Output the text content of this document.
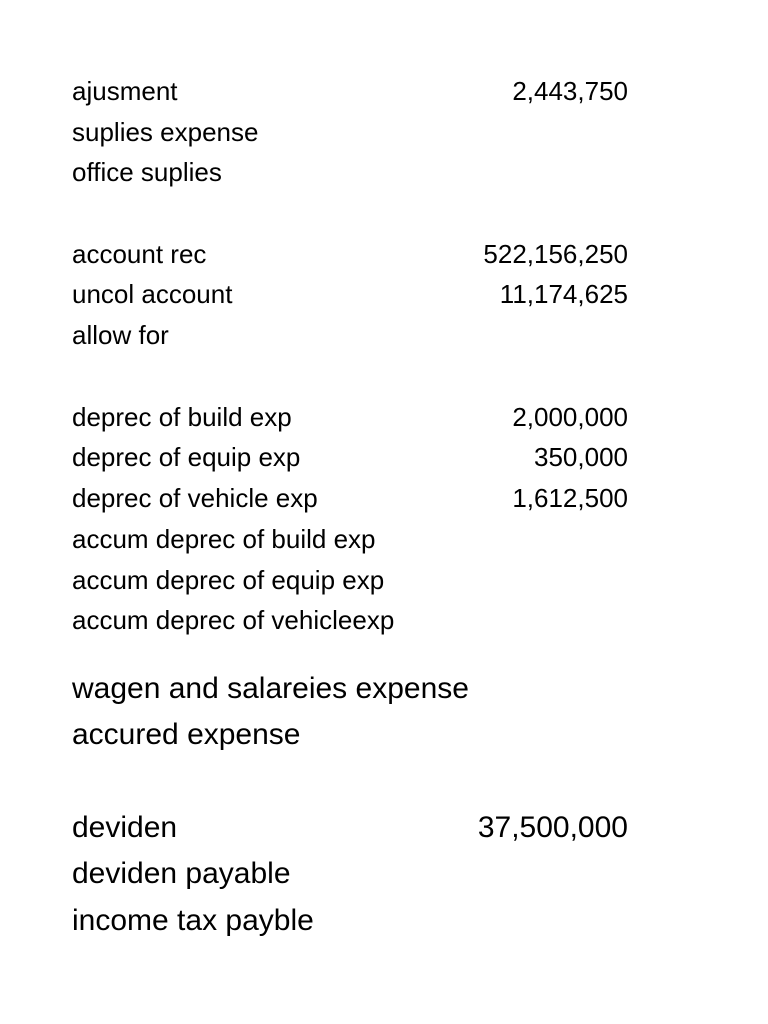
ajusment	2,443,750
suplies expense
office suplies
account rec	522,156,250
uncol account	11,174,625
allow for
deprec of build exp	2,000,000
deprec of equip exp	350,000
deprec of vehicle exp	1,612,500
accum deprec of build exp
accum deprec of equip exp
accum deprec of vehicleexp
wagen and salareies expense
accured expense
deviden	37,500,000
deviden payable
income tax payble
